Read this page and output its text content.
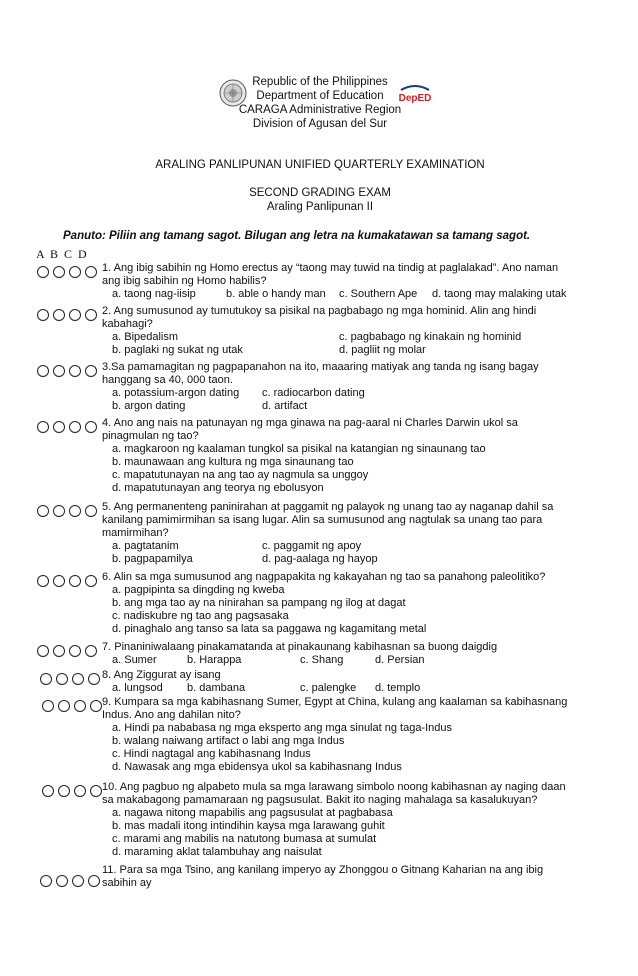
DepED
Republic of the Philippines
Department of Education
CARAGA Administrative Region
Division of Agusan del Sur
ARALING PANLIPUNAN UNIFIED QUARTERLY EXAMINATION
SECOND GRADING EXAM
Araling Panlipunan II
Panuto: Piliin ang tamang sagot. Bilugan ang letra na kumakatawan sa tamang sagot.
A B C D
1. Ang ibig sabihin ng Homo erectus ay “taong may tuwid na tindig at paglalakad”. Ano naman ang ibig sabihin ng Homo habilis?
a. taong nag-iisip	b. able o handy man c. Southern Ape d. taong may malaking utak
2. Ang sumusunod ay tumutukoy sa pisikal na pagbabago ng mga hominid. Alin ang hindi kabahagi?
a. Bipedalism	c. pagbabago ng kinakain ng hominid
b. paglaki ng sukat ng utak	d. pagliit ng molar
3.Sa pamamagitan ng pagpapanahon na ito, maaaring matiyak ang tanda ng isang bagay hanggang sa 40, 000 taon.
a. potassium-argon dating c. radiocarbon dating
b. argon dating	d. artifact
4. Ano ang nais na patunayan ng mga ginawa na pag-aaral ni Charles Darwin ukol sa pinagmulan ng tao?
a. magkaroon ng kaalaman tungkol sa pisikal na katangian ng sinaunang tao
b. maunawaan ang kultura ng mga sinaunang tao
c. mapatutunayan na ang tao ay nagmula sa unggoy
d. mapatutunayan ang teorya ng ebolusyon
5. Ang permanenteng paninirahan at paggamit ng palayok ng unang tao ay naganap dahil sa kanilang pamimirmihan sa isang lugar. Alin sa sumusunod ang nagtulak sa unang tao para mamirmihan?
a. pagtatanim	c. paggamit ng apoy
b. pagpapamilya	d. pag-aalaga ng hayop
6. Alin sa mga sumusunod ang nagpapakita ng kakayahan ng tao sa panahong paleolitiko?
a. pagpipinta sa dingding ng kweba
b. ang mga tao ay na ninirahan sa pampang ng ilog at dagat
c. nadiskubre ng tao ang pagsasaka
d. pinaghalo ang tanso sa lata sa paggawa ng kagamitang metal
7. Pinaniniwalaang pinakamatanda at pinakaunang kabihasnan sa buong daigdig
a. Sumer	b. Harappa	c. Shang	d. Persian
8. Ang Ziggurat ay isang
a. lungsod b. dambana	c. palengke d. templo
9. Kumpara sa mga kabihasnang Sumer, Egypt at China, kulang ang kaalaman sa kabihasnang Indus. Ano ang dahilan nito?
a. Hindi pa nababasa ng mga eksperto ang mga sinulat ng taga-Indus
b. walang naiwang artifact o labi ang mga Indus
c. Hindi nagtagal ang kabihasnang Indus
d. Nawasak ang mga ebidensya ukol sa kabihasnang Indus
10. Ang pagbuo ng alpabeto mula sa mga larawang simbolo noong kabihasnan ay naging daan sa makabagong pamamaraan ng pagsusulat. Bakit ito naging mahalaga sa kasalukuyan?
a. nagawa nitong mapabilis ang pagsusulat at pagbabasa
b. mas madali itong intindihin kaysa mga larawang guhit
c. marami ang mabilis na natutong bumasa at sumulat
d. maraming aklat talambuhay ang naisulat
11. Para sa mga Tsino, ang kanilang imperyo ay Zhonggou o Gitnang Kaharian na ang ibig sabihin ay
